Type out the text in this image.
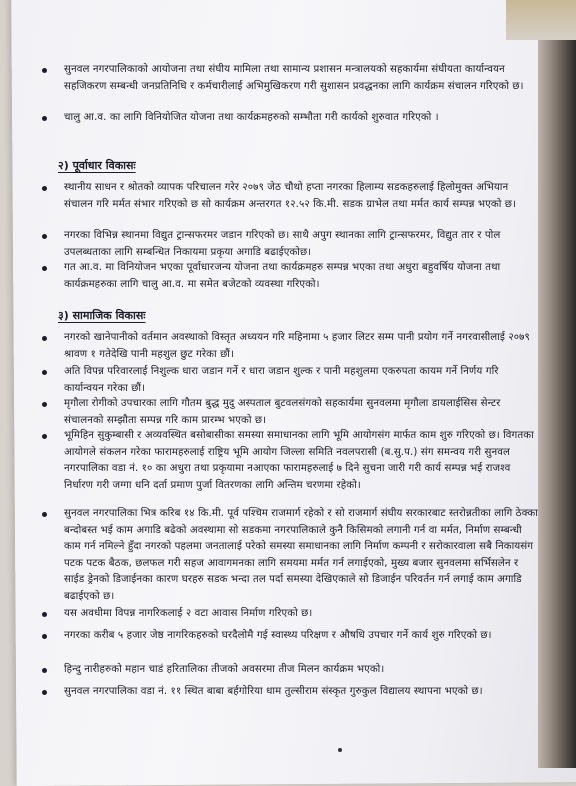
सुनवल नगरपालिकाको आयोजना तथा संघीय मामिला तथा सामान्य प्रशासन मन्त्रालयको सहकार्यमा संघीयता कार्यान्वयन सहजिकरण सम्बन्धी जनप्रतिनिधि र कर्मचारीलाई अभिमुखिकरण गरी सुशासन प्रवद्धनका लागि कार्यक्रम संचालन गरिएको छ।
चालु आ.व. का लागि विनियोजित योजना तथा कार्यक्रमहरुको सम्भौता गरी कार्यको शुरुवात गरिएको ।
२) पूर्वाधार विकासः
स्थानीय साधन र श्रोतको व्यापक परिचालन गरेर २०७९ जेठ चौथो हप्ता नगरका हिलाम्य सडकहरुलाई हिलोमुक्त अभियान संचालन गरि मर्मत संभार गरिएको छ सो कार्यक्रम अन्तरगत १२.५२ कि.मी. सडक ग्राभेल तथा मर्मत कार्य सम्पन्न भएको छ।
नगरका विभिन्न स्थानमा विद्युत ट्रान्सफरमर जडान गरिएको छ। साथै अपुग स्थानका लागि ट्रान्सफरमर, विद्युत तार र पोल उपलब्धताका लागि सम्बन्धित निकायमा प्रकृया अगाडि बढाईएकोछ।
गत आ.व. मा विनियोजन भएका पूर्वाधारजन्य योजना तथा कार्यक्रमहरु सम्पन्न भएका तथा अधुरा बहुवर्षिय योजना तथा कार्यक्रमहरुका लागि चालु आ.व. मा समेत बजेटको व्यवस्था गरिएको।
३) सामाजिक विकासः
नगरको खानेपानीको वर्तमान अवस्थाको विस्तृत अध्ययन गरि महिनामा ५ हजार लिटर सम्म पानी प्रयोग गर्ने नगरवासीलाई २०७९ श्रावण १ गतेदेखि पानी महशुल छुट गरेका छौं।
अति विपन्न परिवारलाई निशुल्क धारा जडान गर्ने र धारा जडान शुल्क र पानी महशुलमा एकरुपता कायम गर्ने निर्णय गरि कार्यान्वयन गरेका छौं।
मृगौला रोगीको उपचारका लागि गौतम बुद्ध मुदु अस्पताल बुटवलसंगको सहकार्यमा सुनवलमा मृगौला डायलाईसिस सेन्टर संचालनको सम्झौता सम्पन्न गरि काम प्रारम्भ भएको छ।
भूमिहिन सुकुम्बासी र अव्यवस्थित बसोबासीका समस्या समाधानका लागि भूमि आयोगसंग मार्फत काम शुरु गरिएको छ। विगतका आयोगले संकलन गरेका फारामहरुलाई राष्ट्रिय भूमि आयोग जिल्ला समिति नवलपरासी (ब.सु.प.) संग समन्वय गरी सुनवल नगरपालिका वडा नं. १० का अधुरा तथा प्रकृयामा नआएका फारामहरुलाई ७ दिने सुचना जारी गरी कार्य सम्पन्न भई राजश्व निर्धारण गरी जग्गा धनि दर्ता प्रमाण पुर्जा वितरणका लागि अन्तिम चरणमा रहेको।
सुनवल नगरपालिका भित्र करिब १४ कि.मी. पूर्व पश्चिम राजमार्ग रहेको र सो राजमार्ग संघीय सरकारबाट स्तरोन्नतीका लागि ठेक्का बन्दोबस्त भई काम अगाडि बढेको अवस्थामा सो सडकमा नगरपालिकाले कुनै किसिमको लगानी गर्न वा मर्मत, निर्माण सम्बन्धी काम गर्न नमिल्ने हुँदा नगरको पहलमा जनतालाई परेको समस्या समाधानका लागि निर्माण कम्पनी र सरोकारवाला सबै निकायसंग पटक पटक बैठक, छलफल गरी सहज आवागमनका लागि समयमा मर्मत गर्न लगाईएको, मुख्य बजार सुनवलमा सर्भिसलेन र साईड ड्रेनको डिजाईनका कारण घरहरु सडक भन्दा तल पर्दा समस्या देखिएकाले सो डिजाईन परिवर्तन गर्न लगाई काम अगाडि बढाईएको छ।
यस अवधीमा विपन्न नागरिकलाई २ वटा आवास निर्माण गरिएको छ।
नगरका करीब ५ हजार जेष्ठ नागरिकहरुको घरदैलोमै गई स्वास्थ्य परिक्षण र औषधि उपचार गर्ने कार्य शुरु गरिएको छ।
हिन्दु नारीहरुको महान चाडं हरितालिका तीजको अवसरमा तीज मिलन कार्यक्रम भएको।
सुनवल नगरपालिका वडा नं. ११ स्थित बाबा बर्हगोरिया धाम तुल्सीराम संस्कृत गुरुकुल विद्यालय स्थापना भएको छ।
